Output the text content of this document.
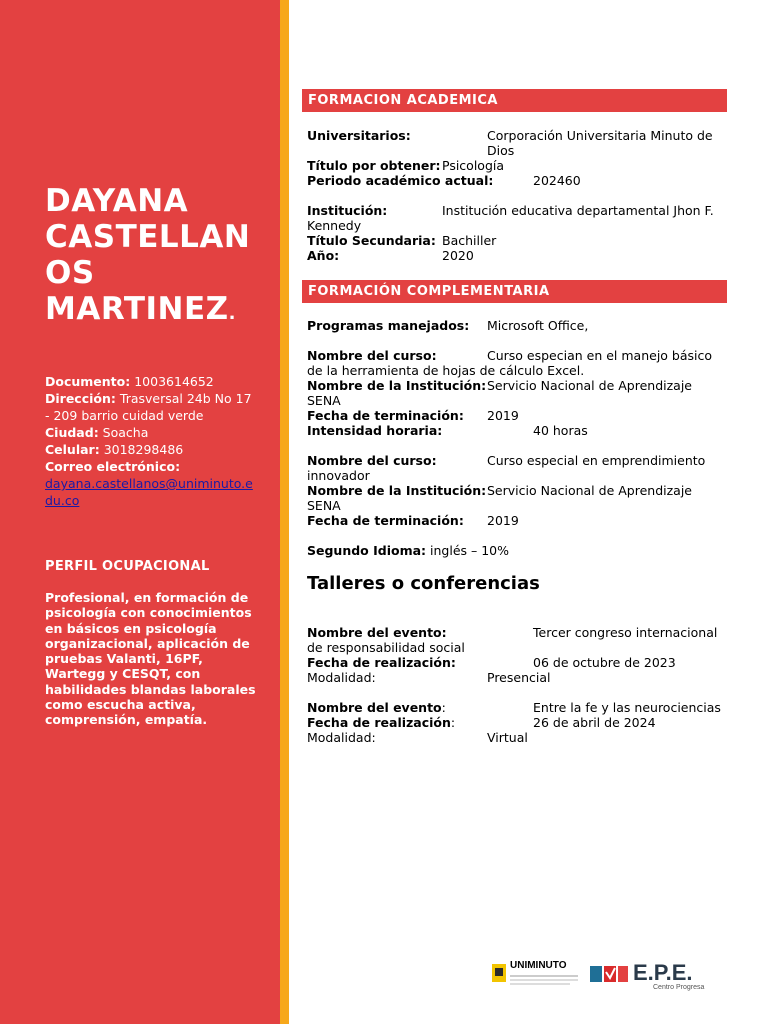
DAYANA
CASTELLAN
OS
MARTINEZ.
Documento: 1003614652
Dirección: Trasversal 24b No 17 - 209 barrio cuidad verde
Ciudad: Soacha
Celular: 3018298486
Correo electrónico:
dayana.castellanos@uniminuto.edu.co
PERFIL OCUPACIONAL
Profesional, en formación de psicología con conocimientos en básicos en psicología organizacional, aplicación de pruebas Valanti, 16PF, Wartegg y CESQT, con habilidades blandas laborales como escucha activa, comprensión, empatía.
FORMACION ACADEMICA
Universitarios:	Corporación Universitaria Minuto de Dios
Título por obtener: Psicología
Periodo académico actual:	202460
Institución:	Institución educativa departamental Jhon F. Kennedy
Título Secundaria: Bachiller
Año:	2020
FORMACIÓN COMPLEMENTARIA
Programas manejados: Microsoft Office,
Nombre del curso:	Curso especian en el manejo básico de la herramienta de hojas de cálculo Excel.
Nombre de la Institución: Servicio Nacional de Aprendizaje SENA
Fecha de terminación: 2019
Intensidad horaria:	40 horas
Nombre del curso:	Curso especial en emprendimiento innovador
Nombre de la Institución: Servicio Nacional de Aprendizaje SENA
Fecha de terminación: 2019
Segundo Idioma: inglés – 10%
Talleres o conferencias
Nombre del evento:	Tercer congreso internacional de responsabilidad social
Fecha de realización:	06 de octubre de 2023
Modalidad:	Presencial
Nombre del evento:	Entre la fe y las neurociencias
Fecha de realización:	26 de abril de 2024
Modalidad:	Virtual
UNIMINUTO	E.P.E.
Centro Progresa
